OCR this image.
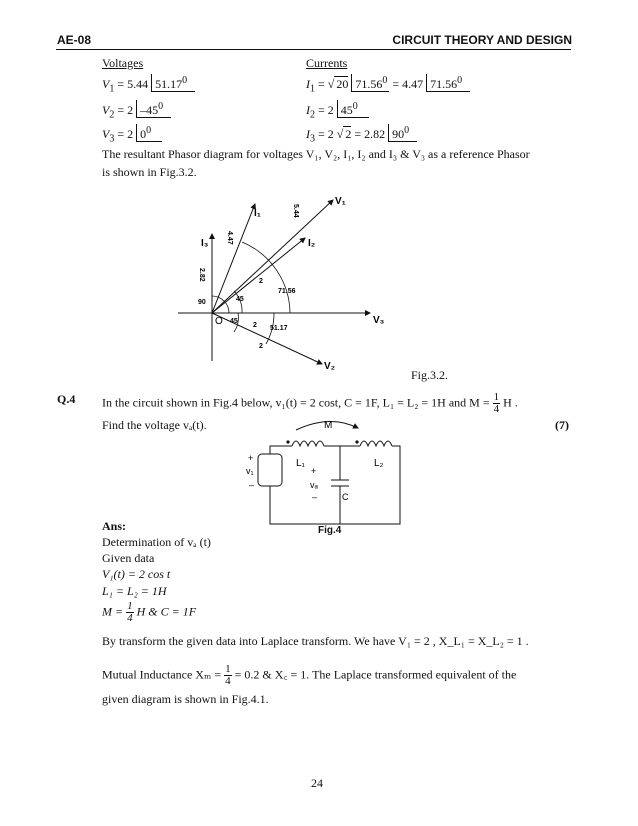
AE-08	CIRCUIT THEORY AND DESIGN
Voltages
$V_1 = 5.44$ 51.17$^0$
$V_2 = 2$ $-45^0$
$V_3 = 2$ $0^0$
Currents
$I_1$ = √ 20 $71.56^0 = 4.47$ 71.56$^0$
$I_2 = 2$ $45^0$
$I_3 = 2$ √ 2 = 2.82 $90^0$
The resultant Phasor diagram for voltages V₁, V₂, I₁, I₂ and I₃ & V₃ as a reference Phasor
is shown in Fig.3.2.
V₁
I₁
I₂
I₃
V₃
V₂
5.44
4.47
2.82
90	45
45
71.56
51.17
2
2
2
O
Fig.3.2.
Q.4 In the circuit shown in Fig.4 below, v₁(t) = 2 cost, C = 1F, L₁ = L₂ = 1H and $M = \frac{1}{4}$ H .
Find the voltage vₐ(t).	(7)
M
+
v₁
–
L₁	L₂
+
vₐ
–	C
Fig.4
Ans:
Determination of vₐ (t)
Given data
V₁(t) = 2 cos t
L₁ = L₂ = 1H
$M = \frac{1}{4}$ H & C = 1F
By transform the given data into Laplace transform. We have V₁ = 2 , X_L₁ = X_L₂ = 1 .
Mutual Inductance $X_m = \frac{1}{4} = 0.2$ & X꜀ = 1. The Laplace transformed equivalent of the
given diagram is shown in Fig.4.1.
24
